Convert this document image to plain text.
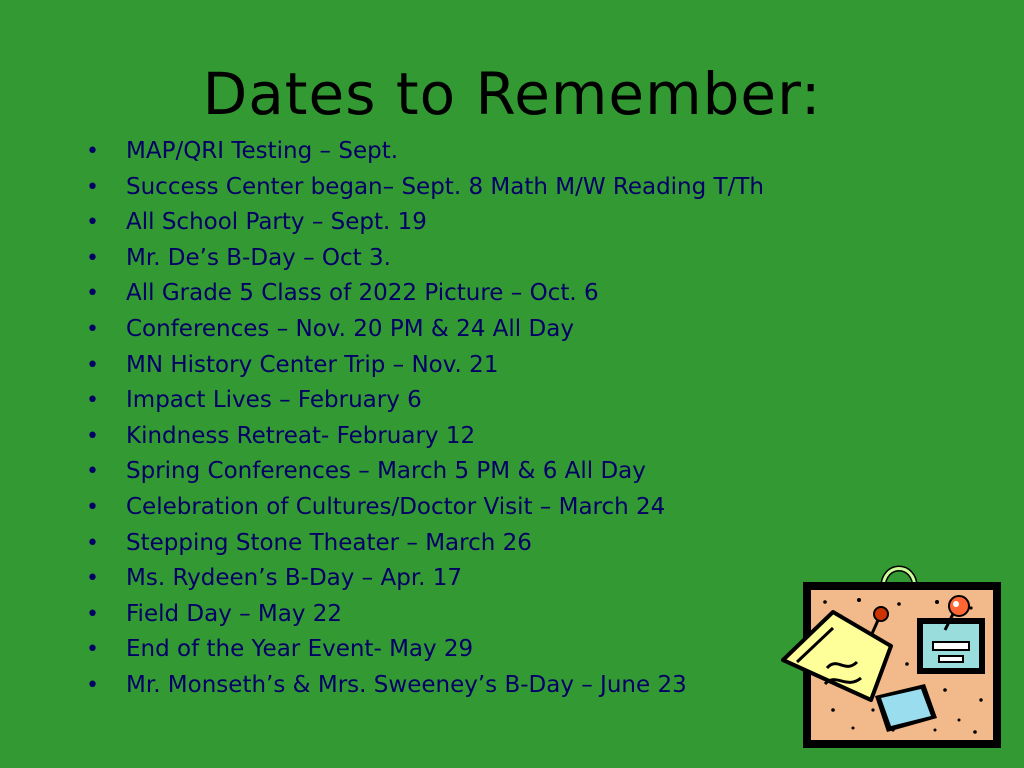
Dates to Remember:
• MAP/QRI Testing – Sept.
• Success Center began– Sept. 8 Math M/W Reading T/Th
• All School Party – Sept. 19
• Mr. De’s B-Day – Oct 3.
• All Grade 5 Class of 2022 Picture – Oct. 6
• Conferences – Nov. 20 PM & 24 All Day
• MN History Center Trip – Nov. 21
• Impact Lives – February 6
• Kindness Retreat- February 12
• Spring Conferences – March 5 PM & 6 All Day
• Celebration of Cultures/Doctor Visit – March 24
• Stepping Stone Theater – March 26
• Ms. Rydeen’s B-Day – Apr. 17
• Field Day – May 22
• End of the Year Event- May 29
• Mr. Monseth’s & Mrs. Sweeney’s B-Day – June 23
